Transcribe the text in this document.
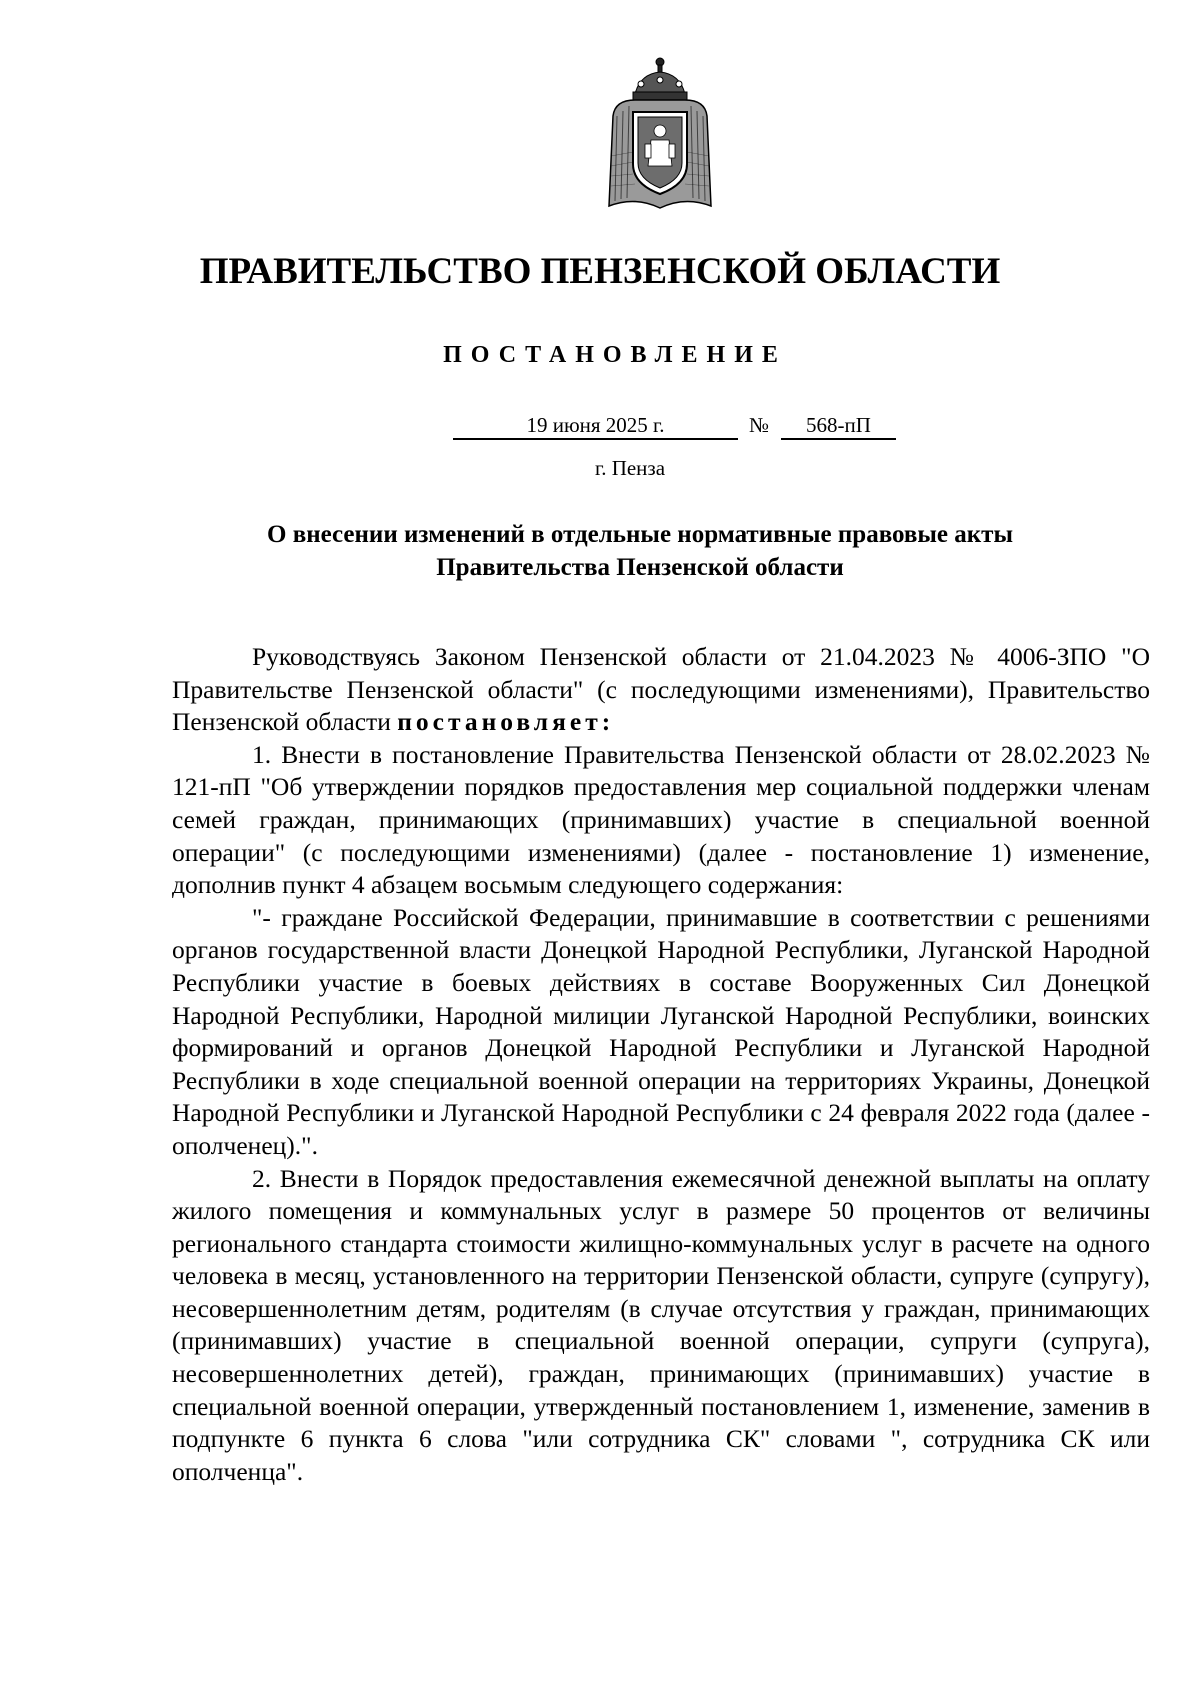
ПРАВИТЕЛЬСТВО ПЕНЗЕНСКОЙ ОБЛАСТИ
ПОСТАНОВЛЕНИЕ
19 июня 2025 г.	№	568-пП
г. Пенза
О внесении изменений в отдельные нормативные правовые акты
Правительства Пензенской области

Руководствуясь Законом Пензенской области от 21.04.2023 № 4006-ЗПО "О Правительстве Пензенской области" (с последующими изменениями), Правительство Пензенской области постановляет:

1. Внести в постановление Правительства Пензенской области от 28.02.2023 № 121-пП "Об утверждении порядков предоставления мер социальной поддержки членам семей граждан, принимающих (принимавших) участие в специальной военной операции" (с последующими изменениями) (далее - постановление 1) изменение, дополнив пункт 4 абзацем восьмым следующего содержания:

"- граждане Российской Федерации, принимавшие в соответствии с решениями органов государственной власти Донецкой Народной Республики, Луганской Народной Республики участие в боевых действиях в составе Вооруженных Сил Донецкой Народной Республики, Народной милиции Луганской Народной Республики, воинских формирований и органов Донецкой Народной Республики и Луганской Народной Республики в ходе специальной военной операции на территориях Украины, Донецкой Народной Республики и Луганской Народной Республики с 24 февраля 2022 года (далее - ополченец).".

2. Внести в Порядок предоставления ежемесячной денежной выплаты на оплату жилого помещения и коммунальных услуг в размере 50 процентов от величины регионального стандарта стоимости жилищно-коммунальных услуг в расчете на одного человека в месяц, установленного на территории Пензенской области, супруге (супругу), несовершеннолетним детям, родителям (в случае отсутствия у граждан, принимающих (принимавших) участие в специальной военной операции, супруги (супруга), несовершеннолетних детей), граждан, принимающих (принимавших) участие в специальной военной операции, утвержденный постановлением 1, изменение, заменив в подпункте 6 пункта 6 слова "или сотрудника СК" словами ", сотрудника СК или ополченца".
